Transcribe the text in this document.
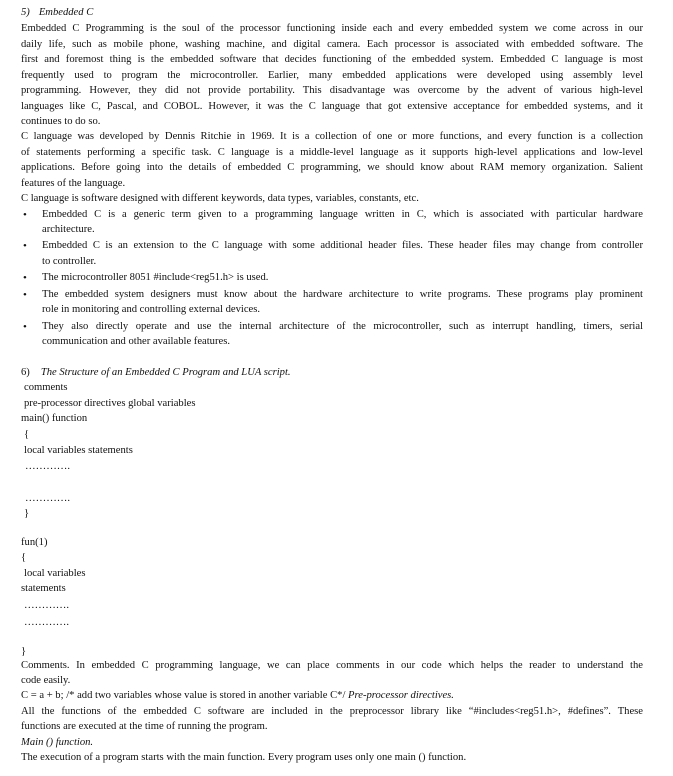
5) Embedded C
Embedded C Programming is the soul of the processor functioning inside each and every embedded system we come across in our
daily life, such as mobile phone, washing machine, and digital camera. Each processor is associated with embedded software. The
first and foremost thing is the embedded software that decides functioning of the embedded system. Embedded C language is most
frequently used to program the microcontroller. Earlier, many embedded applications were developed using assembly level
programming. However, they did not provide portability. This disadvantage was overcome by the advent of various high-level
languages like C, Pascal, and COBOL. However, it was the C language that got extensive acceptance for embedded systems, and it
continues to do so.
C language was developed by Dennis Ritchie in 1969. It is a collection of one or more functions, and every function is a collection
of statements performing a specific task. C language is a middle-level language as it supports high-level applications and low-level
applications. Before going into the details of embedded C programming, we should know about RAM memory organization. Salient
features of the language.
C language is software designed with different keywords, data types, variables, constants, etc.
• Embedded C is a generic term given to a programming language written in C, which is associated with particular hardware
architecture.
• Embedded C is an extension to the C language with some additional header files. These header files may change from controller
to controller.
• The microcontroller 8051 #include<reg51.h> is used.
• The embedded system designers must know about the hardware architecture to write programs. These programs play prominent
role in monitoring and controlling external devices.
• They also directly operate and use the internal architecture of the microcontroller, such as interrupt handling, timers, serial
communication and other available features.
6) The Structure of an Embedded C Program and LUA script.
comments
pre-processor directives global variables
main() function
{
local variables statements
………….
………….
}
fun(1)
{
local variables
statements
………….
………….
}
Comments. In embedded C programming language, we can place comments in our code which helps the reader to understand the
code easily.
C = a + b; /* add two variables whose value is stored in another variable C*/ Pre-processor directives.
All the functions of the embedded C software are included in the preprocessor library like “#includes<reg51.h>, #defines”. These
functions are executed at the time of running the program.
Main () function.
The execution of a program starts with the main function. Every program uses only one main () function.
